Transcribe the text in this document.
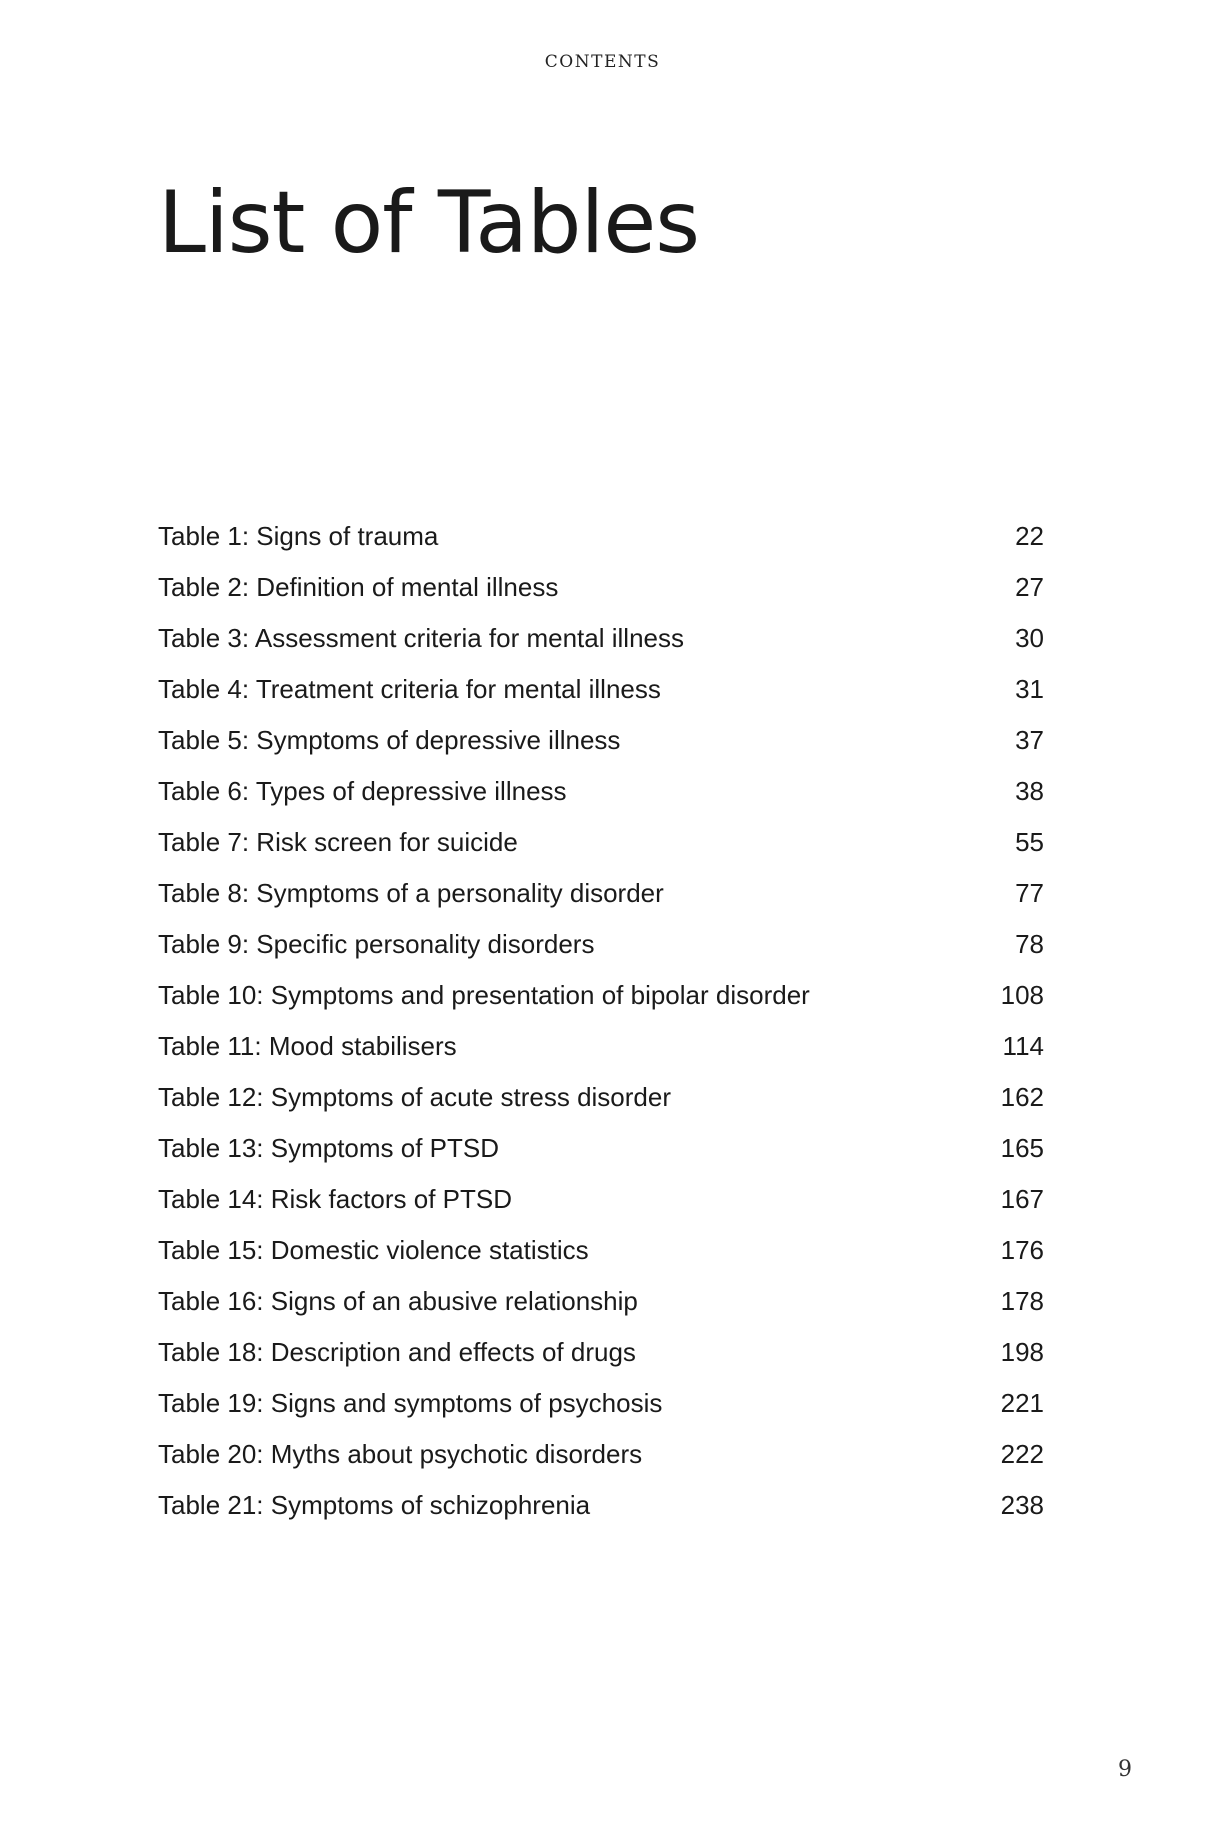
CONTENTS
List of Tables
Table 1: Signs of trauma	22
Table 2: Definition of mental illness	27
Table 3: Assessment criteria for mental illness	30
Table 4: Treatment criteria for mental illness	31
Table 5: Symptoms of depressive illness	37
Table 6: Types of depressive illness	38
Table 7: Risk screen for suicide	55
Table 8: Symptoms of a personality disorder	77
Table 9: Specific personality disorders	78
Table 10: Symptoms and presentation of bipolar disorder	108
Table 11: Mood stabilisers	114
Table 12: Symptoms of acute stress disorder	162
Table 13: Symptoms of PTSD	165
Table 14: Risk factors of PTSD	167
Table 15: Domestic violence statistics	176
Table 16: Signs of an abusive relationship	178
Table 18: Description and effects of drugs	198
Table 19: Signs and symptoms of psychosis	221
Table 20: Myths about psychotic disorders	222
Table 21: Symptoms of schizophrenia	238
9
